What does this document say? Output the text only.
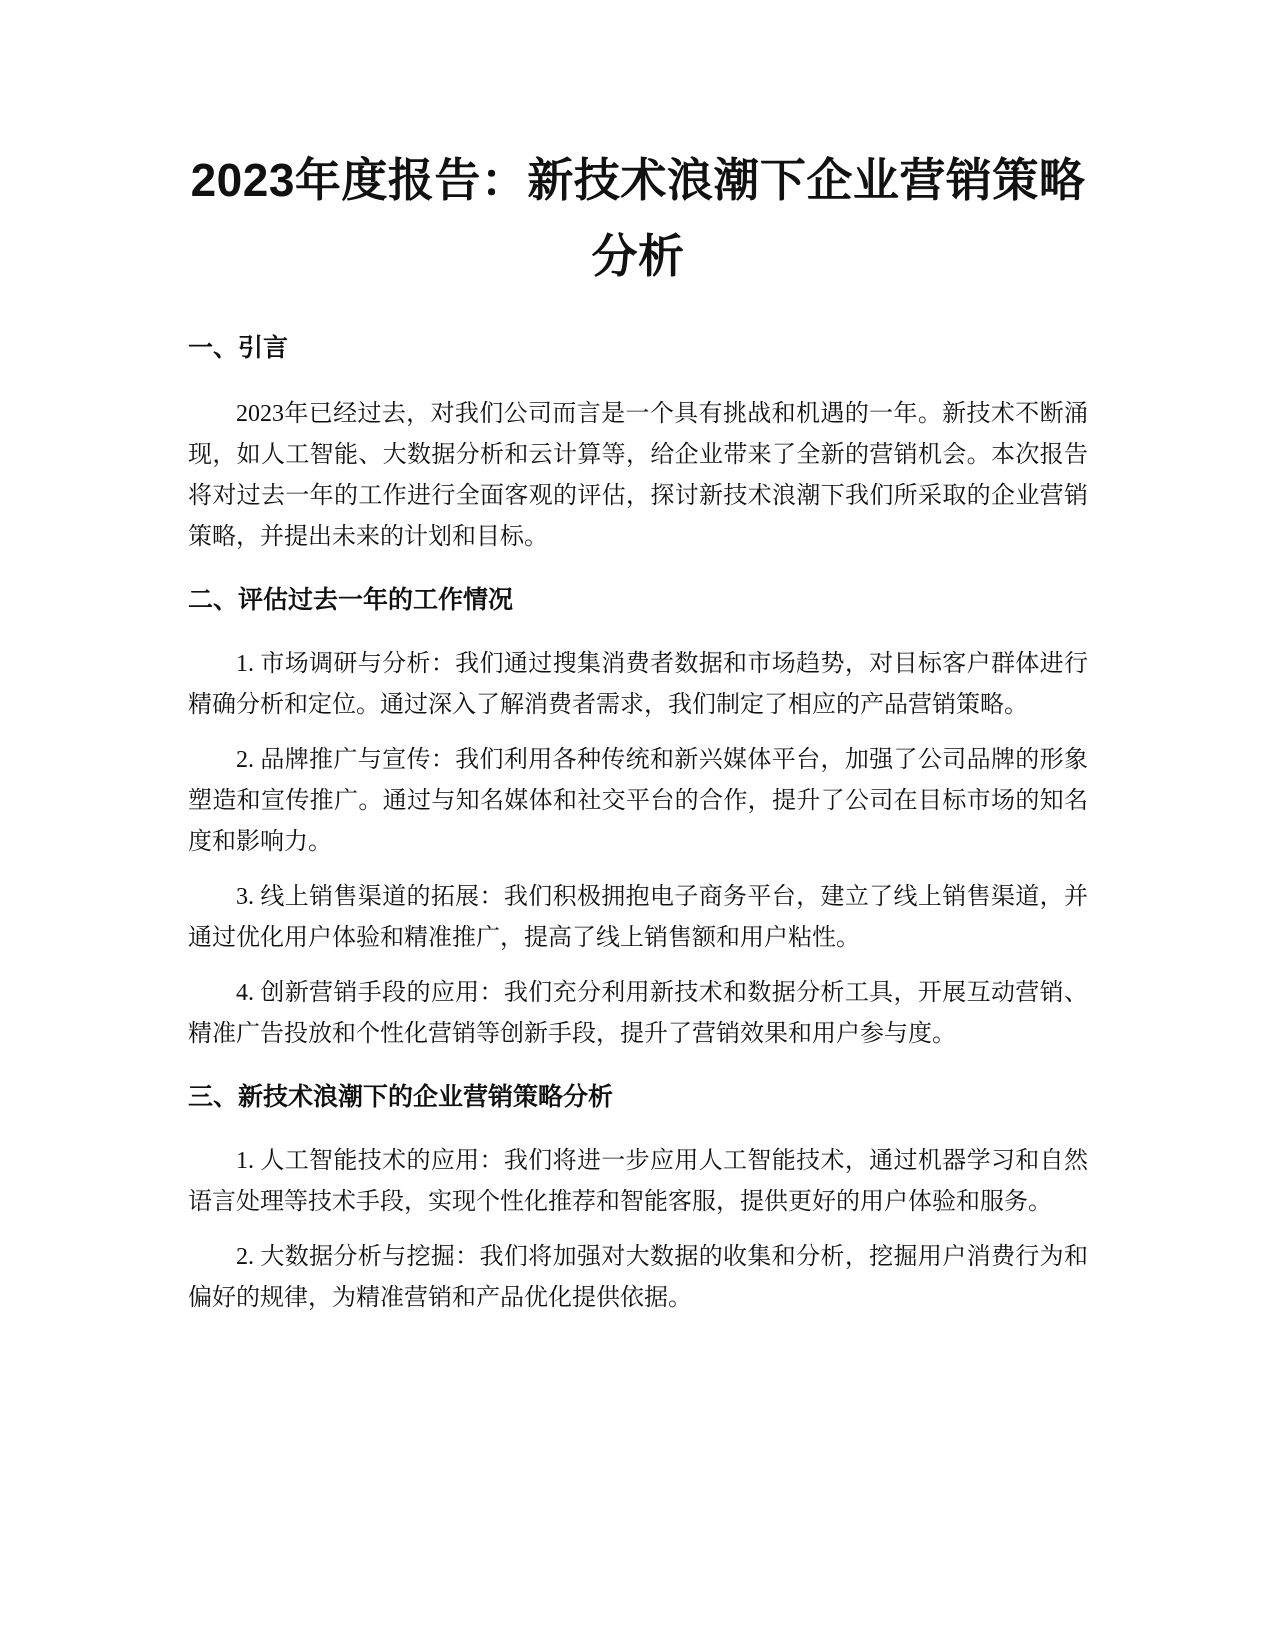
2023年度报告：新技术浪潮下企业营销策略分析
一、引言

2023年已经过去，对我们公司而言是一个具有挑战和机遇的一年。新技术不断涌现，如人工智能、大数据分析和云计算等，给企业带来了全新的营销机会。本次报告将对过去一年的工作进行全面客观的评估，探讨新技术浪潮下我们所采取的企业营销策略，并提出未来的计划和目标。

二、评估过去一年的工作情况

1. 市场调研与分析：我们通过搜集消费者数据和市场趋势，对目标客户群体进行精确分析和定位。通过深入了解消费者需求，我们制定了相应的产品营销策略。

2. 品牌推广与宣传：我们利用各种传统和新兴媒体平台，加强了公司品牌的形象塑造和宣传推广。通过与知名媒体和社交平台的合作，提升了公司在目标市场的知名度和影响力。

3. 线上销售渠道的拓展：我们积极拥抱电子商务平台，建立了线上销售渠道，并通过优化用户体验和精准推广，提高了线上销售额和用户粘性。

4. 创新营销手段的应用：我们充分利用新技术和数据分析工具，开展互动营销、精准广告投放和个性化营销等创新手段，提升了营销效果和用户参与度。

三、新技术浪潮下的企业营销策略分析

1. 人工智能技术的应用：我们将进一步应用人工智能技术，通过机器学习和自然语言处理等技术手段，实现个性化推荐和智能客服，提供更好的用户体验和服务。

2. 大数据分析与挖掘：我们将加强对大数据的收集和分析，挖掘用户消费行为和偏好的规律，为精准营销和产品优化提供依据。
